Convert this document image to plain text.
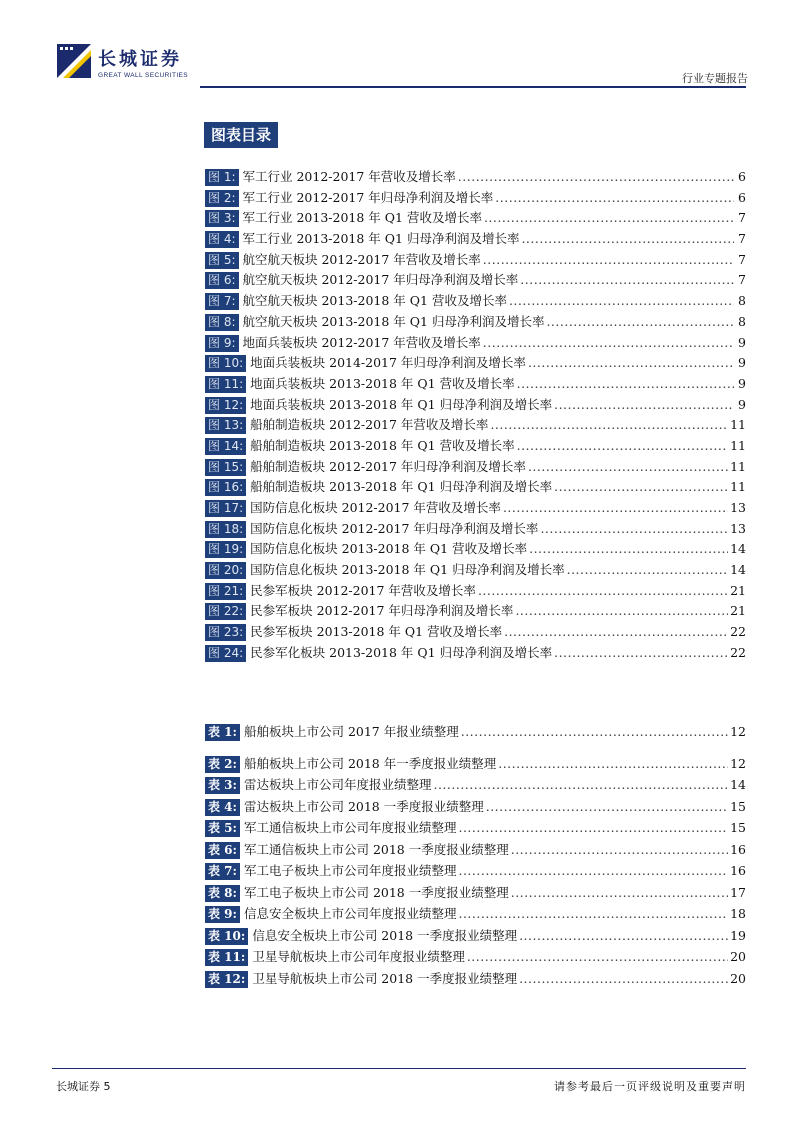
长城证券
GREAT WALL SECURITIES	行业专题报告
图表目录
图 1: 军工行业 2012-2017 年营收及增长率 .....	6
图 2: 军工行业 2012-2017 年归母净利润及增长率 .....	6
图 3: 军工行业 2013-2018 年 Q1 营收及增长率 .....	7
图 4: 军工行业 2013-2018 年 Q1 归母净利润及增长率 .....	7
图 5: 航空航天板块 2012-2017 年营收及增长率 .....	7
图 6: 航空航天板块 2012-2017 年归母净利润及增长率 .....	7
图 7: 航空航天板块 2013-2018 年 Q1 营收及增长率 .....	8
图 8: 航空航天板块 2013-2018 年 Q1 归母净利润及增长率 .....	8
图 9: 地面兵装板块 2012-2017 年营收及增长率 .....	9
图 10: 地面兵装板块 2014-2017 年归母净利润及增长率 .....	9
图 11: 地面兵装板块 2013-2018 年 Q1 营收及增长率 .....	9
图 12: 地面兵装板块 2013-2018 年 Q1 归母净利润及增长率 .....	9
图 13: 船舶制造板块 2012-2017 年营收及增长率 .....	11
图 14: 船舶制造板块 2013-2018 年 Q1 营收及增长率 .....	11
图 15: 船舶制造板块 2012-2017 年归母净利润及增长率 .....	11
图 16: 船舶制造板块 2013-2018 年 Q1 归母净利润及增长率 .....	11
图 17: 国防信息化板块 2012-2017 年营收及增长率 .....	13
图 18: 国防信息化板块 2012-2017 年归母净利润及增长率 .....	13
图 19: 国防信息化板块 2013-2018 年 Q1 营收及增长率 .....	14
图 20: 国防信息化板块 2013-2018 年 Q1 归母净利润及增长率 .....	14
图 21: 民参军板块 2012-2017 年营收及增长率 .....	21
图 22: 民参军板块 2012-2017 年归母净利润及增长率 .....	21
图 23: 民参军板块 2013-2018 年 Q1 营收及增长率 .....	22
图 24: 民参军化板块 2013-2018 年 Q1 归母净利润及增长率 .....	22
表 1: 船舶板块上市公司 2017 年报业绩整理 .....	12
表 2: 船舶板块上市公司 2018 年一季度报业绩整理 .....	12
表 3: 雷达板块上市公司年度报业绩整理 .....	14
表 4: 雷达板块上市公司 2018 一季度报业绩整理 .....	15
表 5: 军工通信板块上市公司年度报业绩整理 .....	15
表 6: 军工通信板块上市公司 2018 一季度报业绩整理 .....	16
表 7: 军工电子板块上市公司年度报业绩整理 .....	16
表 8: 军工电子板块上市公司 2018 一季度报业绩整理 .....	17
表 9: 信息安全板块上市公司年度报业绩整理 .....	18
表 10: 信息安全板块上市公司 2018 一季度报业绩整理 .....	19
表 11: 卫星导航板块上市公司年度报业绩整理 .....	20
表 12: 卫星导航板块上市公司 2018 一季度报业绩整理 .....	20
长城证券 5	请参考最后一页评级说明及重要声明
